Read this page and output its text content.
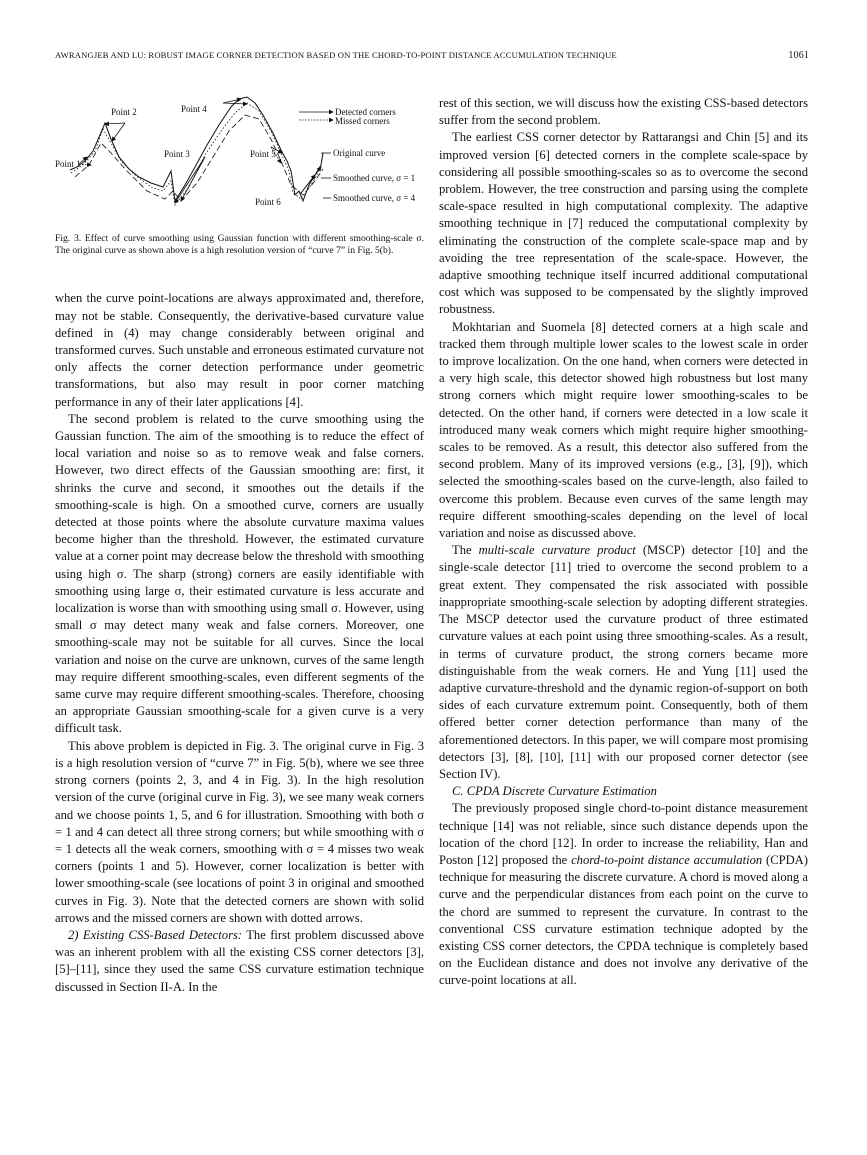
AWRANGJEB AND LU: ROBUST IMAGE CORNER DETECTION BASED ON THE CHORD-TO-POINT DISTANCE ACCUMULATION TECHNIQUE	1061
Point 1
Point 2
Point 3
Point 4
Point 5
Point 6
Detected corners
Missed corners
Original curve
Smoothed curve, σ = 1
Smoothed curve, σ = 4
Fig. 3. Effect of curve smoothing using Gaussian function with different smoothing-scale σ. The original curve as shown above is a high resolution version of “curve 7” in Fig. 5(b).

when the curve point-locations are always approximated and, therefore, may not be stable. Consequently, the derivative-based curvature value defined in (4) may change considerably between original and transformed curves. Such unstable and erroneous estimated curvature not only affects the corner detection performance under geometric transformations, but also may result in poor corner matching performance in any of their later applications [4].

The second problem is related to the curve smoothing using the Gaussian function. The aim of the smoothing is to reduce the effect of local variation and noise so as to remove weak and false corners. However, two direct effects of the Gaussian smoothing are: first, it shrinks the curve and second, it smoothes out the details if the smoothing-scale is high. On a smoothed curve, corners are usually detected at those points where the absolute curvature maxima values become higher than the threshold. However, the estimated curvature value at a corner point may decrease below the threshold with smoothing using high σ. The sharp (strong) corners are easily identifiable with smoothing using large σ, their estimated curvature is less accurate and localization is worse than with smoothing using small σ. However, using small σ may detect many weak and false corners. Moreover, one smoothing-scale may not be suitable for all curves. Since the local variation and noise on the curve are unknown, curves of the same length may require different smoothing-scales, even different segments of the same curve may require different smoothing-scales. Therefore, choosing an appropriate Gaussian smoothing-scale for a given curve is a very difficult task.

This above problem is depicted in Fig. 3. The original curve in Fig. 3 is a high resolution version of “curve 7” in Fig. 5(b), where we see three strong corners (points 2, 3, and 4 in Fig. 3). In the high resolution version of the curve (original curve in Fig. 3), we see many weak corners and we choose points 1, 5, and 6 for illustration. Smoothing with both σ = 1 and 4 can detect all three strong corners; but while smoothing with σ = 1 detects all the weak corners, smoothing with σ = 4 misses two weak corners (points 1 and 5). However, corner localization is better with lower smoothing-scale (see locations of point 3 in original and smoothed curves in Fig. 3). Note that the detected corners are shown with solid arrows and the missed corners are shown with dotted arrows.

2) Existing CSS-Based Detectors: The first problem discussed above was an inherent problem with all the existing CSS corner detectors [3], [5]–[11], since they used the same CSS curvature estimation technique discussed in Section II-A. In the

rest of this section, we will discuss how the existing CSS-based detectors suffer from the second problem.

The earliest CSS corner detector by Rattarangsi and Chin [5] and its improved version [6] detected corners in the complete scale-space by considering all possible smoothing-scales so as to overcome the second problem. However, the tree construction and parsing using the complete scale-space resulted in high computational complexity. The adaptive smoothing technique in [7] reduced the computational complexity by eliminating the construction of the complete scale-space map and by avoiding the tree representation of the scale-space. However, the adaptive smoothing technique itself incurred additional computational cost which was supposed to be compensated by the slightly improved robustness.

Mokhtarian and Suomela [8] detected corners at a high scale and tracked them through multiple lower scales to the lowest scale in order to improve localization. On the one hand, when corners were detected in a very high scale, this detector showed high robustness but lost many strong corners which might require lower smoothing-scales to be detected. On the other hand, if corners were detected in a low scale it introduced many weak corners which might require higher smoothing-scales to be removed. As a result, this detector also suffered from the second problem. Many of its improved versions (e.g., [3], [9]), which selected the smoothing-scales based on the curve-length, also failed to overcome this problem. Because even curves of the same length may require different smoothing-scales depending on the level of local variation and noise as discussed above.

The multi-scale curvature product (MSCP) detector [10] and the single-scale detector [11] tried to overcome the second problem to a great extent. They compensated the risk associated with possible inappropriate smoothing-scale selection by adopting different strategies. The MSCP detector used the curvature product of three estimated curvature values at each point using three smoothing-scales. As a result, in terms of curvature product, the strong corners became more distinguishable from the weak corners. He and Yung [11] used the adaptive curvature-threshold and the dynamic region-of-support on both sides of each curvature extremum point. Consequently, both of them offered better corner detection performance than many of the aforementioned detectors. In this paper, we will compare most promising detectors [3], [8], [10], [11] with our proposed corner detector (see Section IV).

C. CPDA Discrete Curvature Estimation

The previously proposed single chord-to-point distance measurement technique [14] was not reliable, since such distance depends upon the location of the chord [12]. In order to increase the reliability, Han and Poston [12] proposed the chord-to-point distance accumulation (CPDA) technique for measuring the discrete curvature. A chord is moved along a curve and the perpendicular distances from each point on the curve to the chord are summed to represent the curvature. In contrast to the conventional CSS curvature estimation technique adopted by the existing CSS corner detectors, the CPDA technique is completely based on the Euclidean distance and does not involve any derivative of the curve-point locations at all.
